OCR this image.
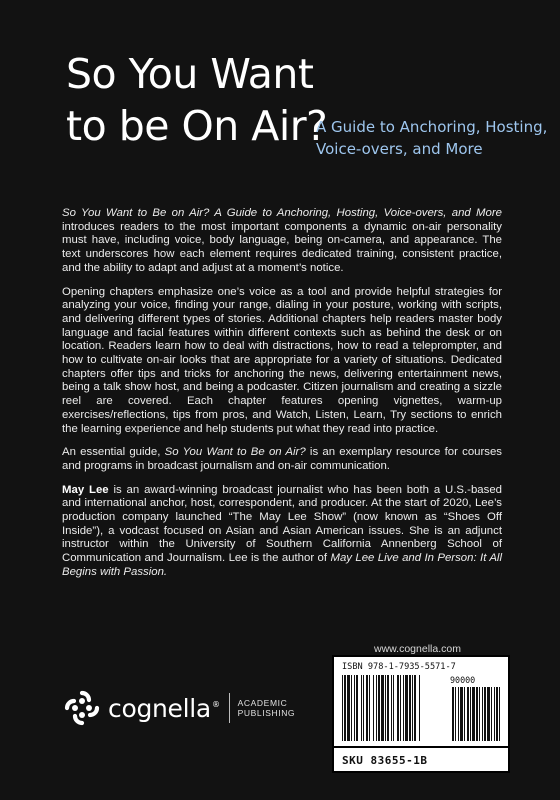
So You Want
to be On Air?
A Guide to Anchoring, Hosting,
Voice-overs, and More

So You Want to Be on Air? A Guide to Anchoring, Hosting, Voice-overs, and More introduces readers to the most important components a dynamic on-air personality must have, including voice, body language, being on-camera, and appearance. The text underscores how each element requires dedicated training, consistent practice, and the ability to adapt and adjust at a moment’s notice.

Opening chapters emphasize one’s voice as a tool and provide helpful strategies for analyzing your voice, finding your range, dialing in your posture, working with scripts, and delivering different types of stories. Additional chapters help readers master body language and facial features within different contexts such as behind the desk or on location. Readers learn how to deal with distractions, how to read a teleprompter, and how to cultivate on-air looks that are appropriate for a variety of situations. Dedicated chapters offer tips and tricks for anchoring the news, delivering entertainment news, being a talk show host, and being a podcaster. Citizen journalism and creating a sizzle reel are covered. Each chapter features opening vignettes, warm-up exercises/reflections, tips from pros, and Watch, Listen, Learn, Try sections to enrich the learning experience and help students put what they read into practice.

An essential guide, So You Want to Be on Air? is an exemplary resource for courses and programs in broadcast journalism and on-air communication.

May Lee is an award-winning broadcast journalist who has been both a U.S.-based and international anchor, host, correspondent, and producer. At the start of 2020, Lee’s production company launched “The May Lee Show” (now known as “Shoes Off Inside”), a vodcast focused on Asian and Asian American issues. She is an adjunct instructor within the University of Southern California Annenberg School of Communication and Journalism. Lee is the author of May Lee Live and In Person: It All Begins with Passion.

www.cognella.com
cognella® ACADEMIC
PUBLISHING
ISBN 978-1-7935-5571-7
90000
SKU 83655-1B
